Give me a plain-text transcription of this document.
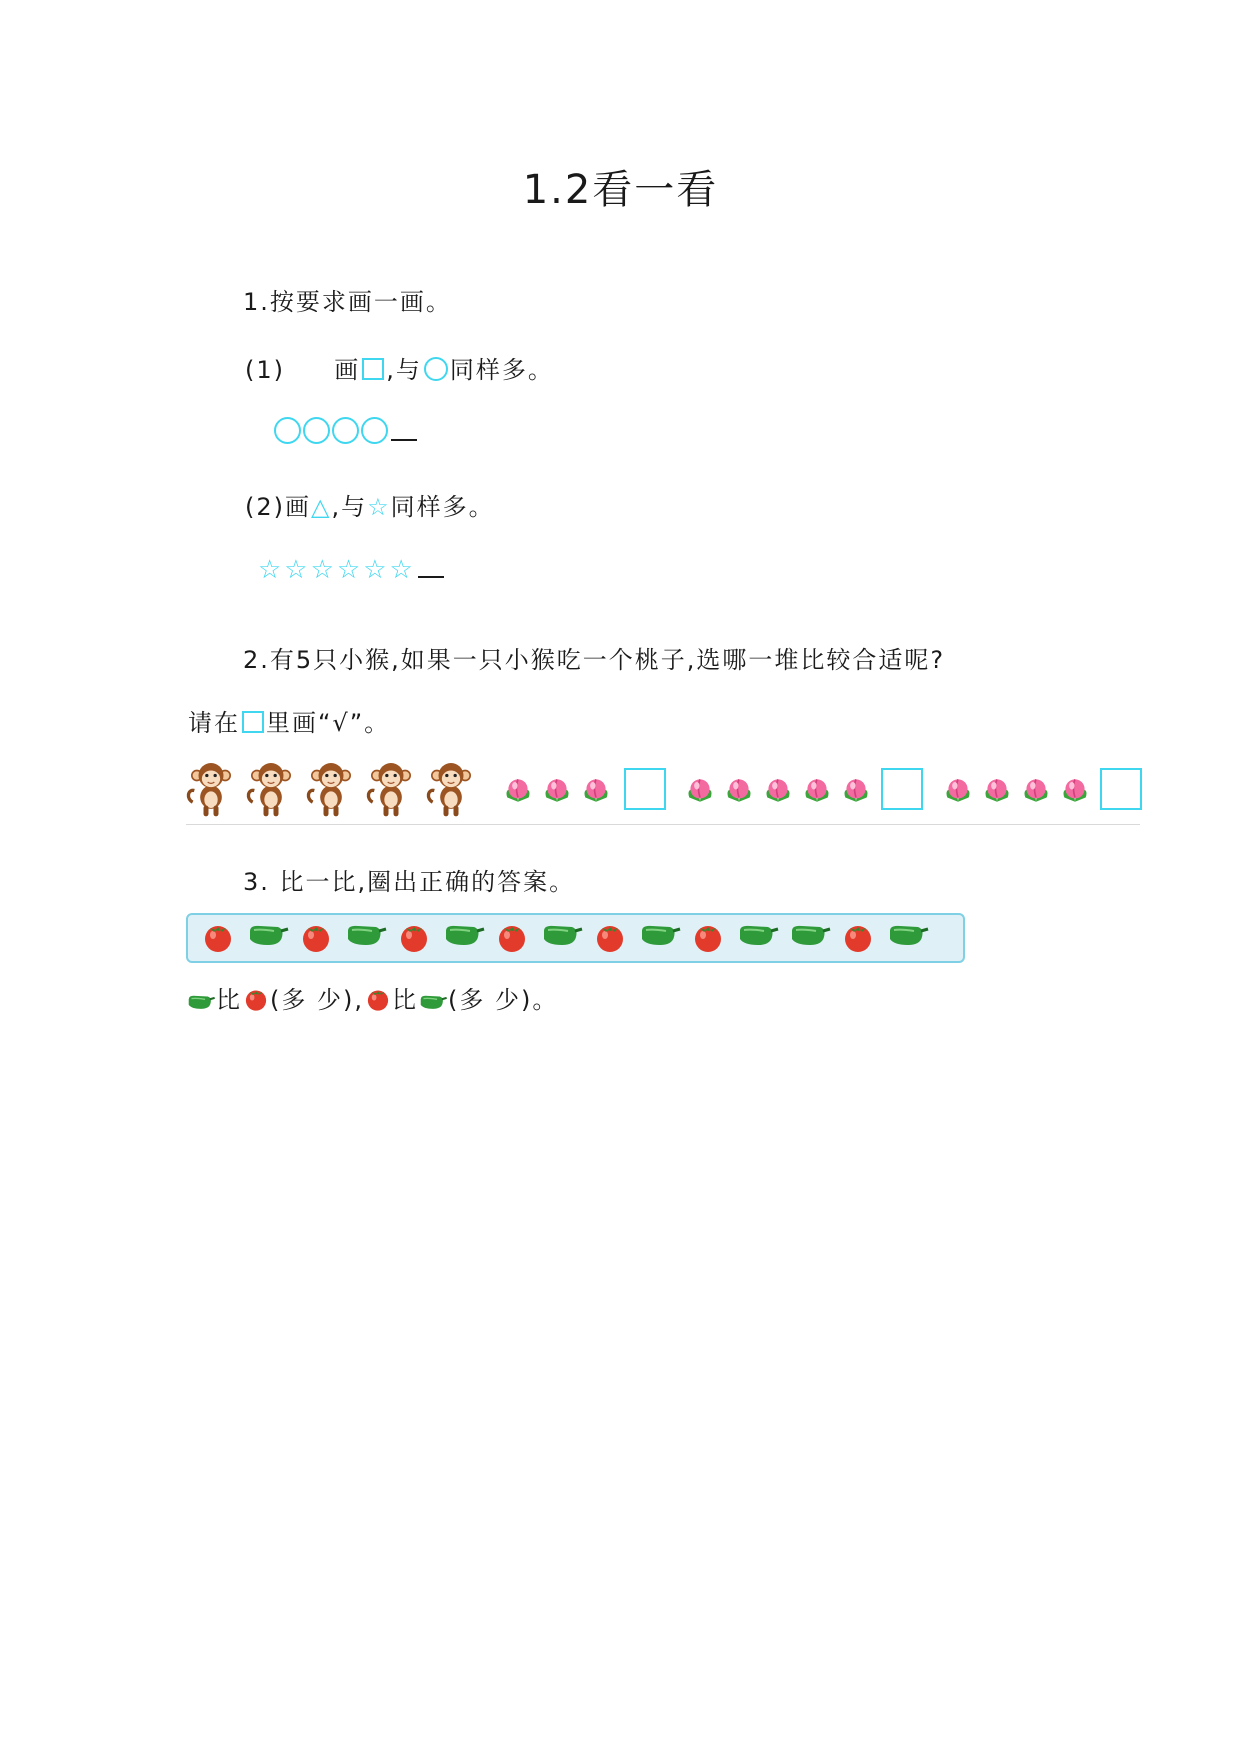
1.2看一看
1.按要求画一画。
(1) 画 ,与 同样多。
(2)画△,与☆同样多。
☆☆☆☆☆☆
2.有5只小猴,如果一只小猴吃一个桃子,选哪一堆比较合适呢?
请在 里画“√”。
3. 比一比,圈出正确的答案。
比 (多 少), 比 (多 少)。
